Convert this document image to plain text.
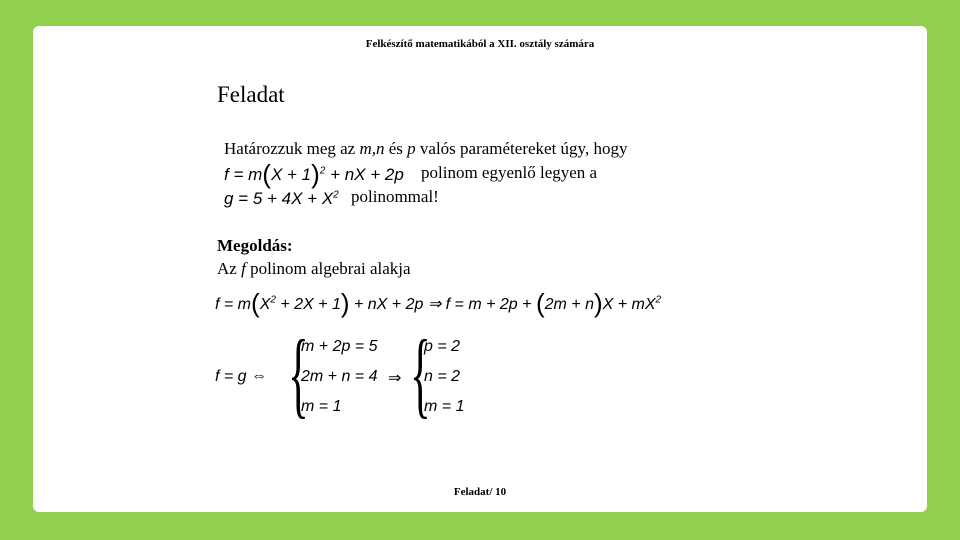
Felkészítő matematikából a XII. osztály számára
Feladat
Határozzuk meg az m,n és p valós paramétereket úgy, hogy
$f = m(X + 1)^2$ + nX + 2p polinom egyenlő legyen a
$g = 5 + 4X + X^2$ polinommal!
Megoldás:
Az f polinom algebrai alakja
$f = m(X^2 + 2X + 1)$ + nX + 2p ⇒ $f = m + 2p + (2m + n)X + mX^2$
f = g ⇔ {
m + 2p = 5
2m + n = 4
m = 1
⇒ {
p = 2
n = 2
m = 1
Feladat/ 10
